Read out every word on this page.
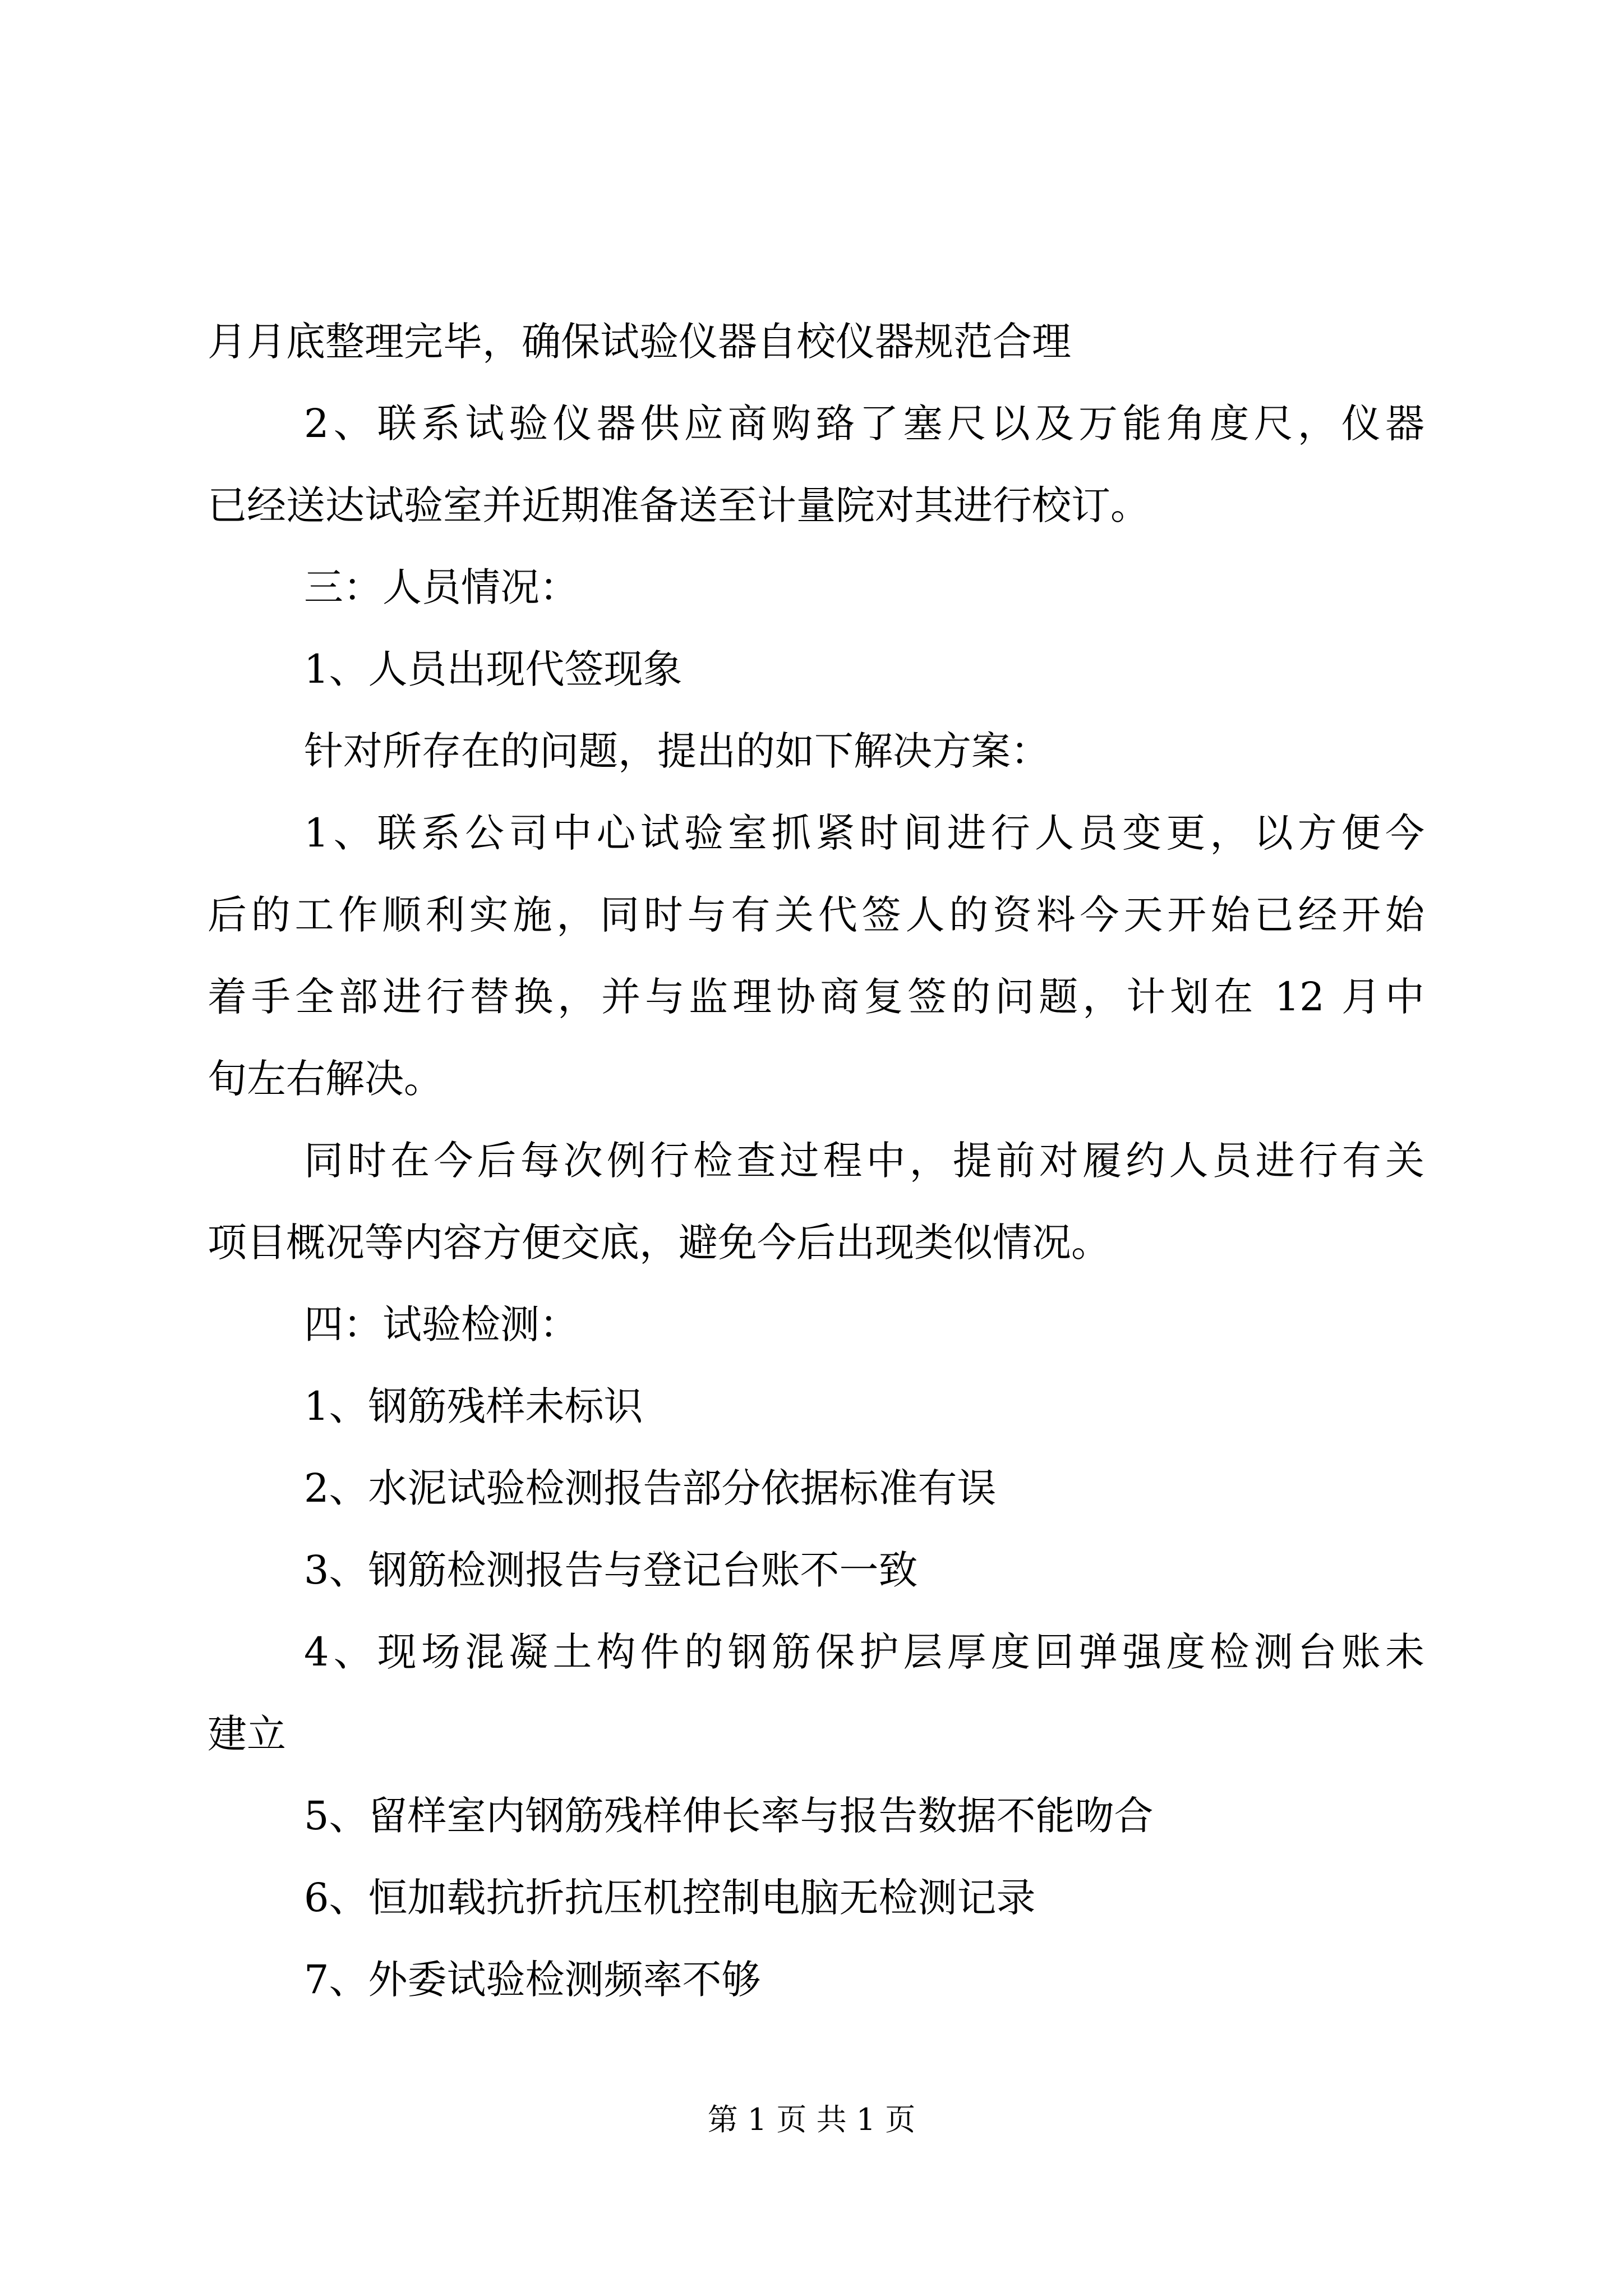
月月底整理完毕，确保试验仪器自校仪器规范合理
2、联系试验仪器供应商购臵了塞尺以及万能角度尺，仪器
已经送达试验室并近期准备送至计量院对其进行校订。
三：人员情况：
1、人员出现代签现象
针对所存在的问题，提出的如下解决方案：
1、联系公司中心试验室抓紧时间进行人员变更，以方便今
后的工作顺利实施，同时与有关代签人的资料今天开始已经开始
着手全部进行替换，并与监理协商复签的问题，计划在 12 月中
旬左右解决。
同时在今后每次例行检查过程中，提前对履约人员进行有关
项目概况等内容方便交底，避免今后出现类似情况。
四：试验检测：
1、钢筋残样未标识
2、水泥试验检测报告部分依据标准有误
3、钢筋检测报告与登记台账不一致
4、现场混凝土构件的钢筋保护层厚度回弹强度检测台账未
建立
5、留样室内钢筋残样伸长率与报告数据不能吻合
6、恒加载抗折抗压机控制电脑无检测记录
7、外委试验检测频率不够
第 1 页 共 1 页
